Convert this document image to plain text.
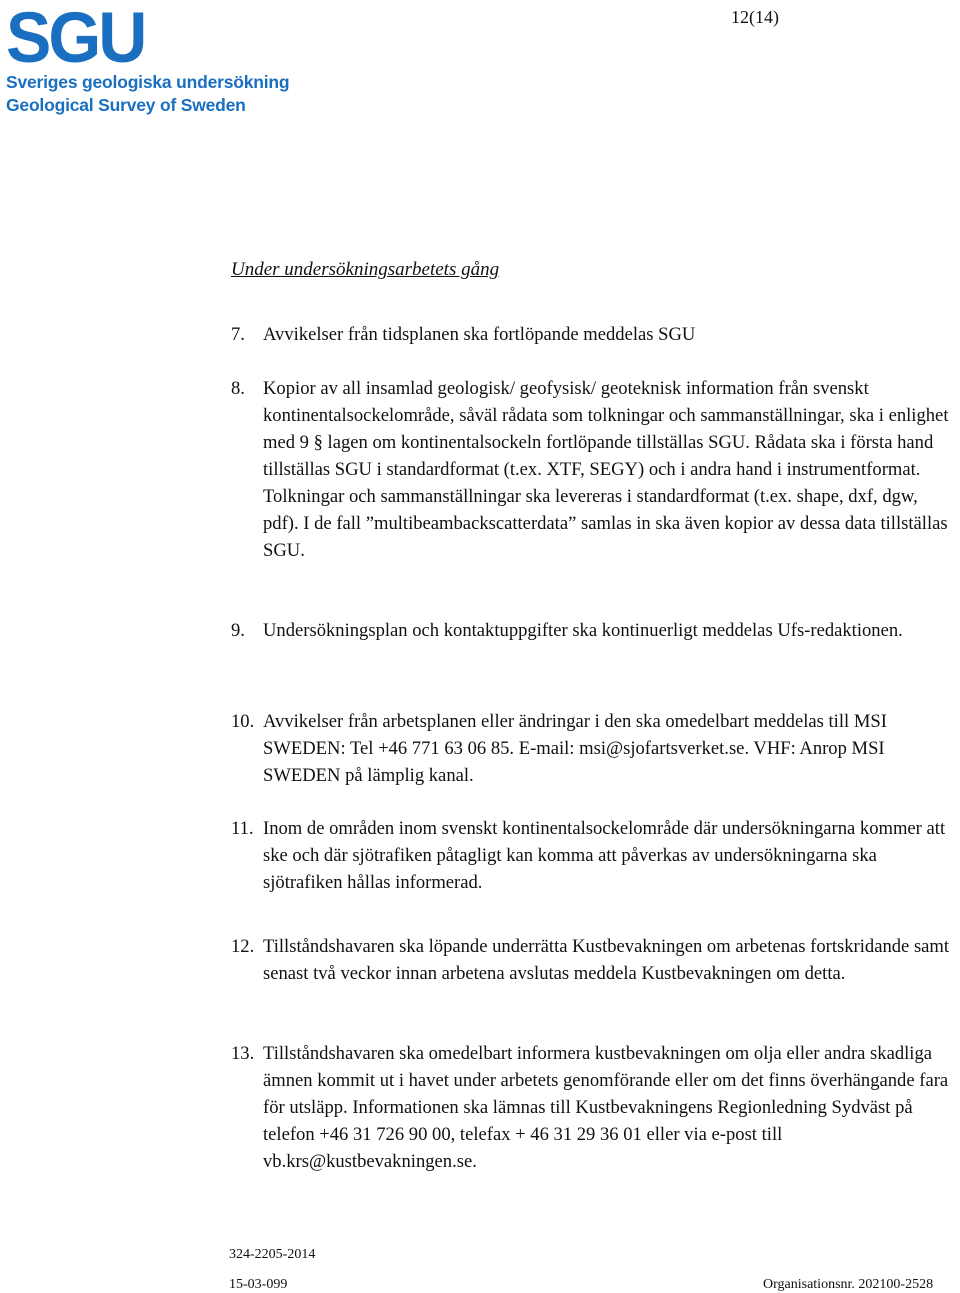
SGU
Sveriges geologiska undersökning
Geological Survey of Sweden
12(14)
Under undersökningsarbetets gång
7. Avvikelser från tidsplanen ska fortlöpande meddelas SGU
8. Kopior av all insamlad geologisk/ geofysisk/ geoteknisk information från svenskt kontinentalsockelområde, såväl rådata som tolkningar och sammanställningar, ska i enlighet med 9 § lagen om kontinentalsockeln fortlöpande tillställas SGU. Rådata ska i första hand tillställas SGU i standardformat (t.ex. XTF, SEGY) och i andra hand i instrumentformat. Tolkningar och sammanställningar ska levereras i standardformat (t.ex. shape, dxf, dgw, pdf). I de fall ”multibeambackscatterdata” samlas in ska även kopior av dessa data tillställas SGU.
9. Undersökningsplan och kontaktuppgifter ska kontinuerligt meddelas Ufs-redaktionen.
10. Avvikelser från arbetsplanen eller ändringar i den ska omedelbart meddelas till MSI SWEDEN: Tel +46 771 63 06 85. E-mail: msi@sjofartsverket.se. VHF: Anrop MSI SWEDEN på lämplig kanal.
11. Inom de områden inom svenskt kontinentalsockelområde där undersökningarna kommer att ske och där sjötrafiken påtagligt kan komma att påverkas av undersökningarna ska sjötrafiken hållas informerad.
12. Tillståndshavaren ska löpande underrätta Kustbevakningen om arbetenas fortskridande samt senast två veckor innan arbetena avslutas meddela Kustbevakningen om detta.
13. Tillståndshavaren ska omedelbart informera kustbevakningen om olja eller andra skadliga ämnen kommit ut i havet under arbetets genomförande eller om det finns överhängande fara för utsläpp. Informationen ska lämnas till Kustbevakningens Regionledning Sydväst på telefon +46 31 726 90 00, telefax + 46 31 29 36 01 eller via e-post till vb.krs@kustbevakningen.se.
324-2205-2014
15-03-099	Organisationsnr. 202100-2528
